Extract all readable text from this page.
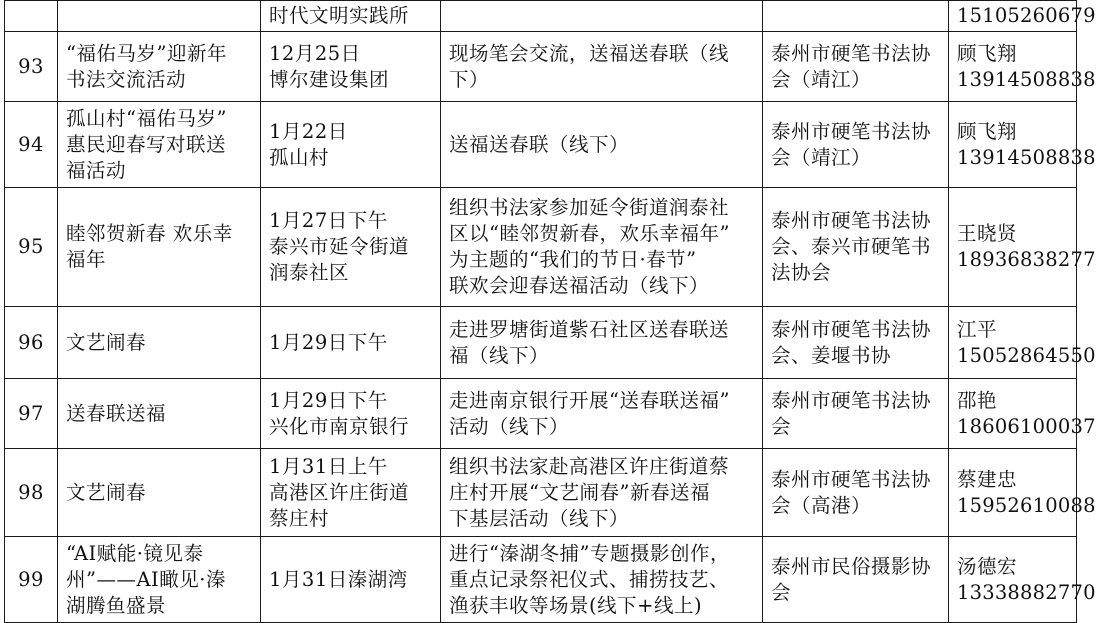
		时代文明实践所			15105260679

93	“福佑马岁”迎新年
书法交流活动	12月25日
博尔建设集团	现场笔会交流，送福送春联（线
下）	泰州市硬笔书法协
会（靖江）	顾飞翔
13914508838

94	孤山村“福佑马岁”
惠民迎春写对联送
福活动	1月22日
孤山村	送福送春联（线下）	泰州市硬笔书法协
会（靖江）	顾飞翔
13914508838

95	睦邻贺新春 欢乐幸
福年	1月27日下午
泰兴市延令街道
润泰社区	组织书法家参加延令街道润泰社
区以“睦邻贺新春，欢乐幸福年”
为主题的“我们的节日·春节”
联欢会迎春送福活动（线下）	泰州市硬笔书法协
会、泰兴市硬笔书
法协会	王晓贤
18936838277

96	文艺闹春	1月29日下午	走进罗塘街道紫石社区送春联送
福（线下）	泰州市硬笔书法协
会、姜堰书协	江平
15052864550

97	送春联送福	1月29日下午
兴化市南京银行	走进南京银行开展“送春联送福”
活动（线下）	泰州市硬笔书法协
会	邵艳
18606100037

98	文艺闹春	1月31日上午
高港区许庄街道
蔡庄村	组织书法家赴高港区许庄街道蔡
庄村开展“文艺闹春”新春送福
下基层活动（线下）	泰州市硬笔书法协
会（高港）	蔡建忠
15952610088

99	“AI赋能·镜见泰
州”——AI瞰见·溱
湖腾鱼盛景	1月31日溱湖湾	进行“溱湖冬捕”专题摄影创作，
重点记录祭祀仪式、捕捞技艺、
渔获丰收等场景(线下+线上)	泰州市民俗摄影协
会	汤德宏
13338882770
